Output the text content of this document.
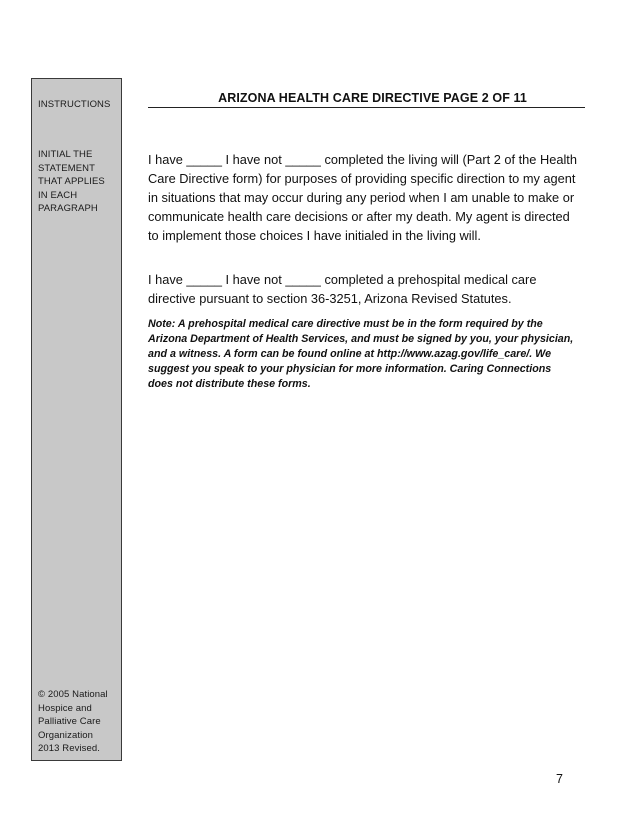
INSTRUCTIONS
INITIAL THE
STATEMENT
THAT APPLIES
IN EACH
PARAGRAPH
© 2005 National
Hospice and
Palliative Care
Organization
2013 Revised.
ARIZONA HEALTH CARE DIRECTIVE PAGE 2 OF 11
I have _____ I have not _____ completed the living will (Part 2 of the Health Care Directive form) for purposes of providing specific direction to my agent in situations that may occur during any period when I am unable to make or communicate health care decisions or after my death. My agent is directed to implement those choices I have initialed in the living will.
I have _____ I have not _____ completed a prehospital medical care directive pursuant to section 36-3251, Arizona Revised Statutes.
Note: A prehospital medical care directive must be in the form required by the Arizona Department of Health Services, and must be signed by you, your physician, and a witness. A form can be found online at http://www.azag.gov/life_care/. We suggest you speak to your physician for more information. Caring Connections does not distribute these forms.
7
